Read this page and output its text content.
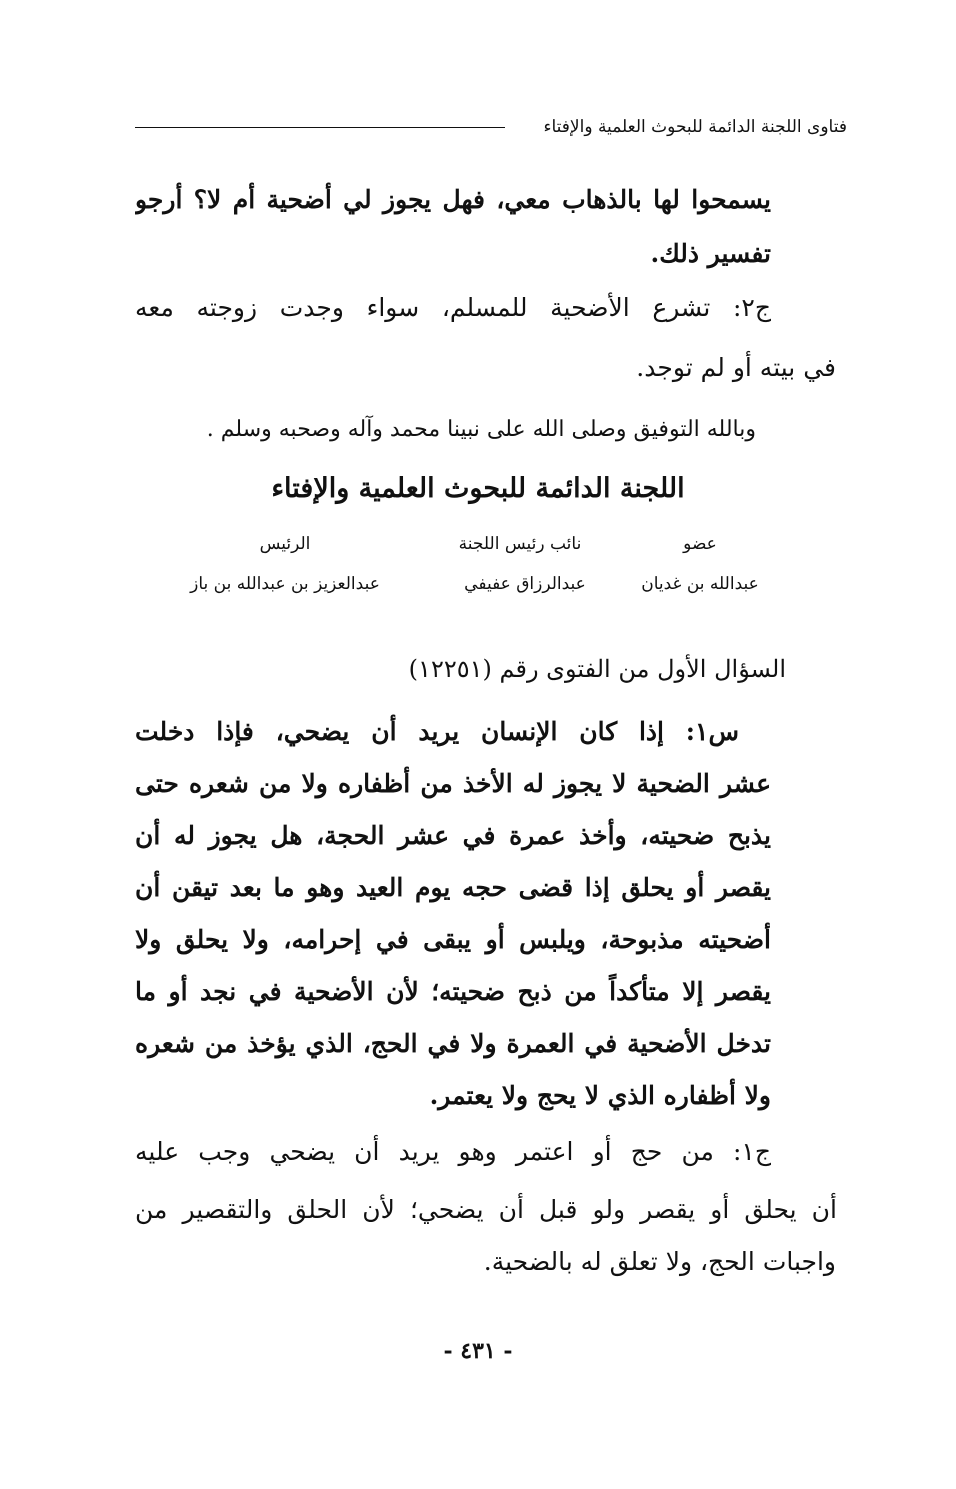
فتاوى اللجنة الدائمة للبحوث العلمية والإفتاء
يسمحوا لها بالذهاب معي، فهل يجوز لي أضحية أم لا؟ أرجو
تفسير ذلك.
ج٢: تشرع الأضحية للمسلم، سواء وجدت زوجته معه
في بيته أو لم توجد.
وبالله التوفيق وصلى الله على نبينا محمد وآله وصحبه وسلم .
اللجنة الدائمة للبحوث العلمية والإفتاء
عضو
نائب رئيس اللجنة
الرئيس
عبدالله بن غديان
عبدالرزاق عفيفي
عبدالعزيز بن عبدالله بن باز
السؤال الأول من الفتوى رقم (١٢٢٥١)
س١: إذا كان الإنسان يريد أن يضحي، فإذا دخلت
عشر الضحية لا يجوز له الأخذ من أظفاره ولا من شعره حتى
يذبح ضحيته، وأخذ عمرة في عشر الحجة، هل يجوز له أن
يقصر أو يحلق إذا قضى حجه يوم العيد وهو ما بعد تيقن أن
أضحيته مذبوحة، ويلبس أو يبقى في إحرامه، ولا يحلق ولا
يقصر إلا متأكداً من ذبح ضحيته؛ لأن الأضحية في نجد أو ما
تدخل الأضحية في العمرة ولا في الحج، الذي يؤخذ من شعره
ولا أظفاره الذي لا يحج ولا يعتمر.
ج١: من حج أو اعتمر وهو يريد أن يضحي وجب عليه
أن يحلق أو يقصر ولو قبل أن يضحي؛ لأن الحلق والتقصير من
واجبات الحج، ولا تعلق له بالضحية.
- ٤٣١ -
